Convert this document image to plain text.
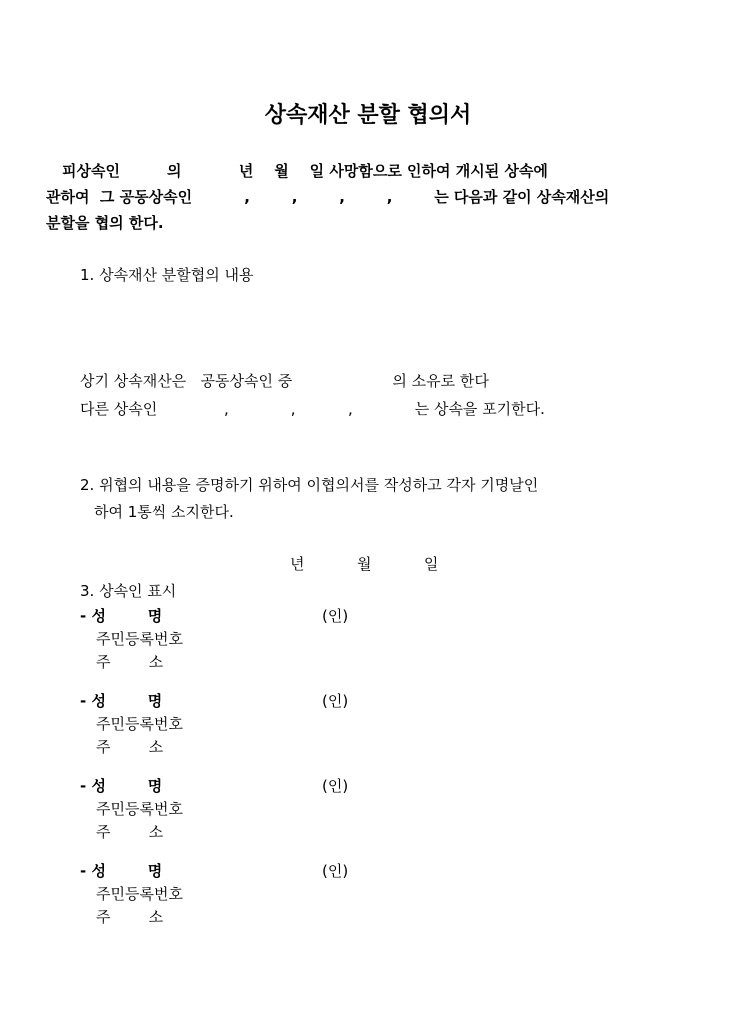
상속재산 분할 협의서
피상속인         의           년    월    일 사망함으로 인하여 개시된 상속에
관하여  그 공동상속인          ,        ,        ,        ,        는 다음과 같이 상속재산의
분할을 협의 한다.
1. 상속재산 분할협의 내용
상기 상속재산은   공동상속인 중                     의 소유로 한다
다른 상속인              ,             ,           ,             는 상속을 포기한다.
2. 위협의 내용을 증명하기 위하여 이협의서를 작성하고 각자 기명날인
하여 1통씩 소지한다.
년           월           일
3. 상속인 표시
- 성        명	(인)
주민등록번호
주        소
- 성        명	(인)
주민등록번호
주        소
- 성        명	(인)
주민등록번호
주        소
- 성        명	(인)
주민등록번호
주        소
